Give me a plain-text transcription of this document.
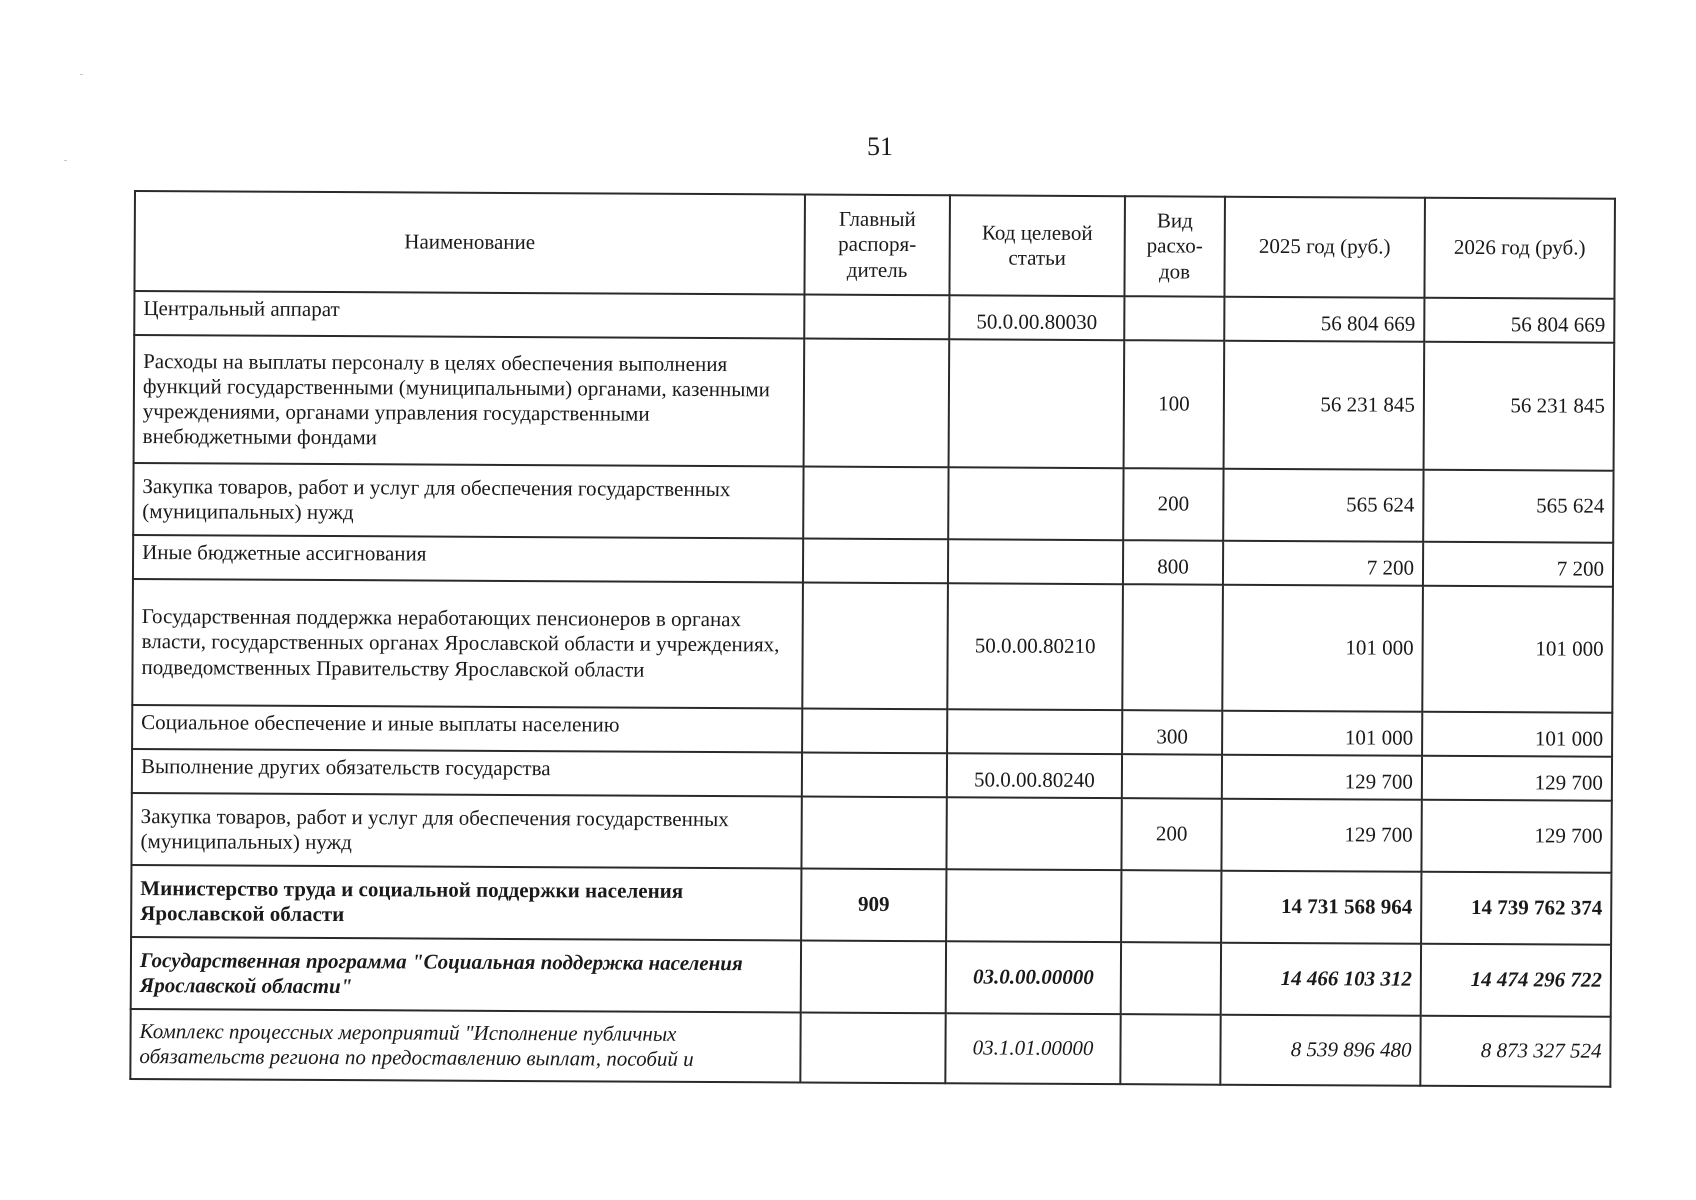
51
Наименование	Главный распоря-дитель	Код целевой статьи	Вид расхо-дов	2025 год (руб.)	2026 год (руб.)
Центральный аппарат		50.0.00.80030		56 804 669	56 804 669
Расходы на выплаты персоналу в целях обеспечения выполнения функций государственными (муниципальными) органами, казенными учреждениями, органами управления государственными внебюджетными фондами			100	56 231 845	56 231 845
Закупка товаров, работ и услуг для обеспечения государственных (муниципальных) нужд			200	565 624	565 624
Иные бюджетные ассигнования			800	7 200	7 200
Государственная поддержка неработающих пенсионеров в органах власти, государственных органах Ярославской области и учреждениях, подведомственных Правительству Ярославской области		50.0.00.80210		101 000	101 000
Социальное обеспечение и иные выплаты населению			300	101 000	101 000
Выполнение других обязательств государства		50.0.00.80240		129 700	129 700
Закупка товаров, работ и услуг для обеспечения государственных (муниципальных) нужд			200	129 700	129 700
Министерство труда и социальной поддержки населения Ярославской области	909			14 731 568 964	14 739 762 374
Государственная программа "Социальная поддержка населения Ярославской области"		03.0.00.00000		14 466 103 312	14 474 296 722
Комплекс процессных мероприятий "Исполнение публичных обязательств региона по предоставлению выплат, пособий и		03.1.01.00000		8 539 896 480	8 873 327 524
